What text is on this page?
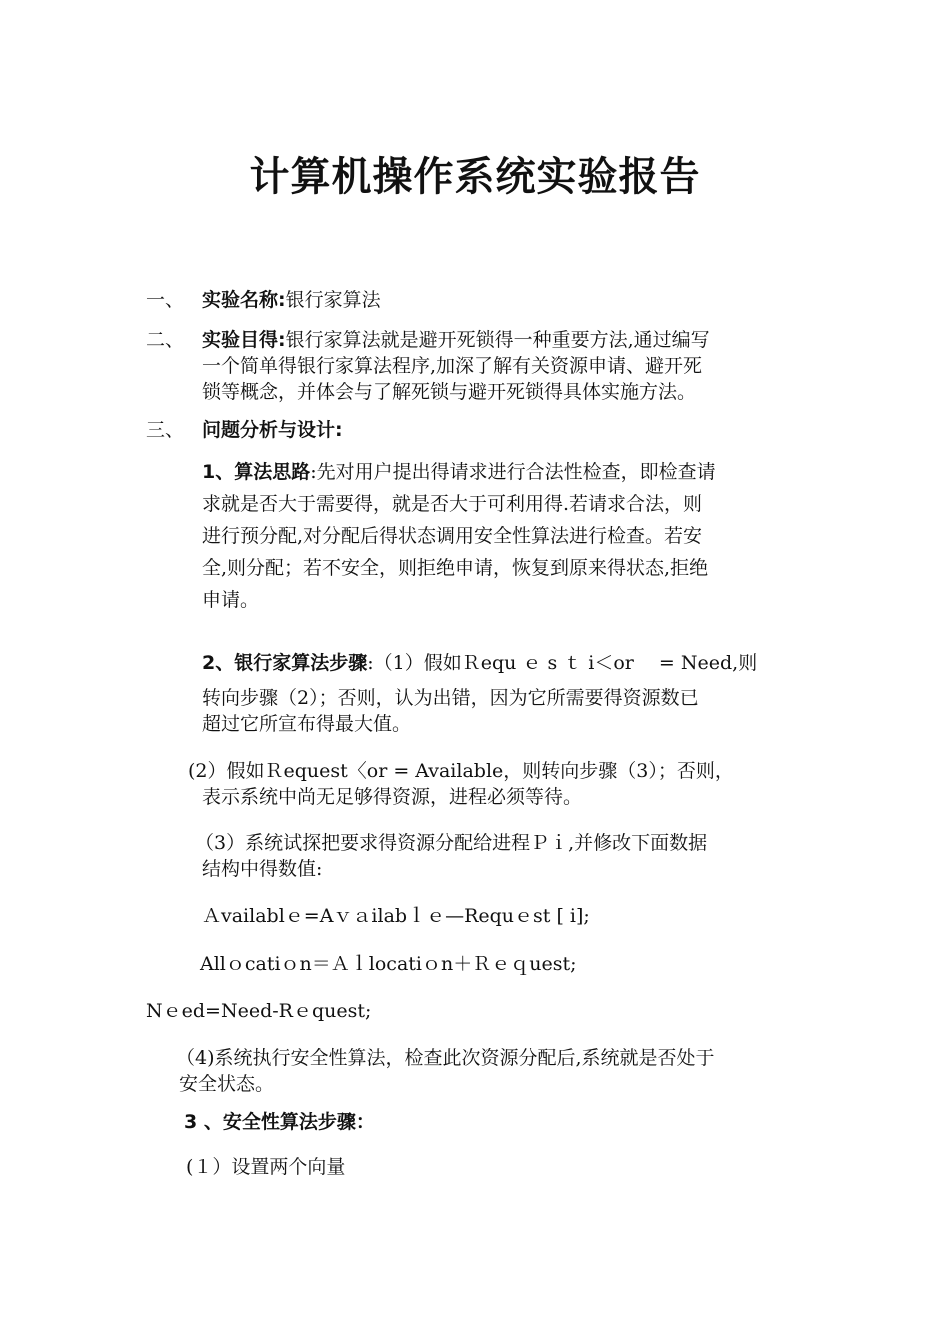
计算机操作系统实验报告
一、 实验名称:银行家算法
二、 实验目得:银行家算法就是避开死锁得一种重要方法,通过编写
一个简单得银行家算法程序,加深了解有关资源申请、避开死
锁等概念，并体会与了解死锁与避开死锁得具体实施方法。
三、 问题分析与设计:
1、算法思路:先对用户提出得请求进行合法性检查，即检查请
求就是否大于需要得，就是否大于可利用得.若请求合法，则
进行预分配,对分配后得状态调用安全性算法进行检查。若安
全,则分配；若不安全，则拒绝申请，恢复到原来得状态,拒绝
申请。
2、银行家算法步骤:（1）假如Ｒequ ｅ s ｔ i＜or　 = Need,则
转向步骤（2）；否则，认为出错，因为它所需要得资源数已
超过它所宣布得最大值。
(2）假如Ｒequest〈or = Available，则转向步骤（3）；否则，
表示系统中尚无足够得资源，进程必须等待。
（3）系统试探把要求得资源分配给进程Ｐｉ,并修改下面数据
结构中得数值:
Ａvailablｅ=Aｖａilabｌｅ—Requｅst [ i];
Allｏcatiｏn＝Ａｌlocatiｏn＋Ｒｅｑuest;
Nｅed=Need-Rｅquest;
（4)系统执行安全性算法，检查此次资源分配后,系统就是否处于
安全状态。
3 、安全性算法步骤：
(１）设置两个向量
